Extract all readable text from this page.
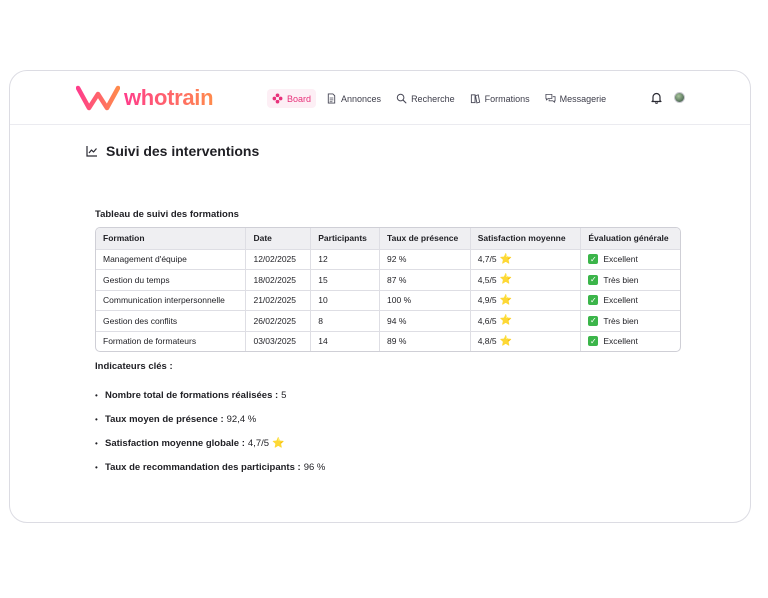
whotrain	Board	Annonces	Recherche	Formations	Messagerie
Suivi des interventions
Tableau de suivi des formations
Formation	Date	Participants	Taux de présence	Satisfaction moyenne	Évaluation générale
Management d'équipe	12/02/2025	12	92 %	4,7/5 ⭐	✓ Excellent
Gestion du temps	18/02/2025	15	87 %	4,5/5 ⭐	✓ Très bien
Communication interpersonnelle	21/02/2025	10	100 %	4,9/5 ⭐	✓ Excellent
Gestion des conflits	26/02/2025	8	94 %	4,6/5 ⭐	✓ Très bien
Formation de formateurs	03/03/2025	14	89 %	4,8/5 ⭐	✓ Excellent
Indicateurs clés :
• Nombre total de formations réalisées : 5
• Taux moyen de présence : 92,4 %
• Satisfaction moyenne globale : 4,7/5 ⭐
• Taux de recommandation des participants : 96 %
